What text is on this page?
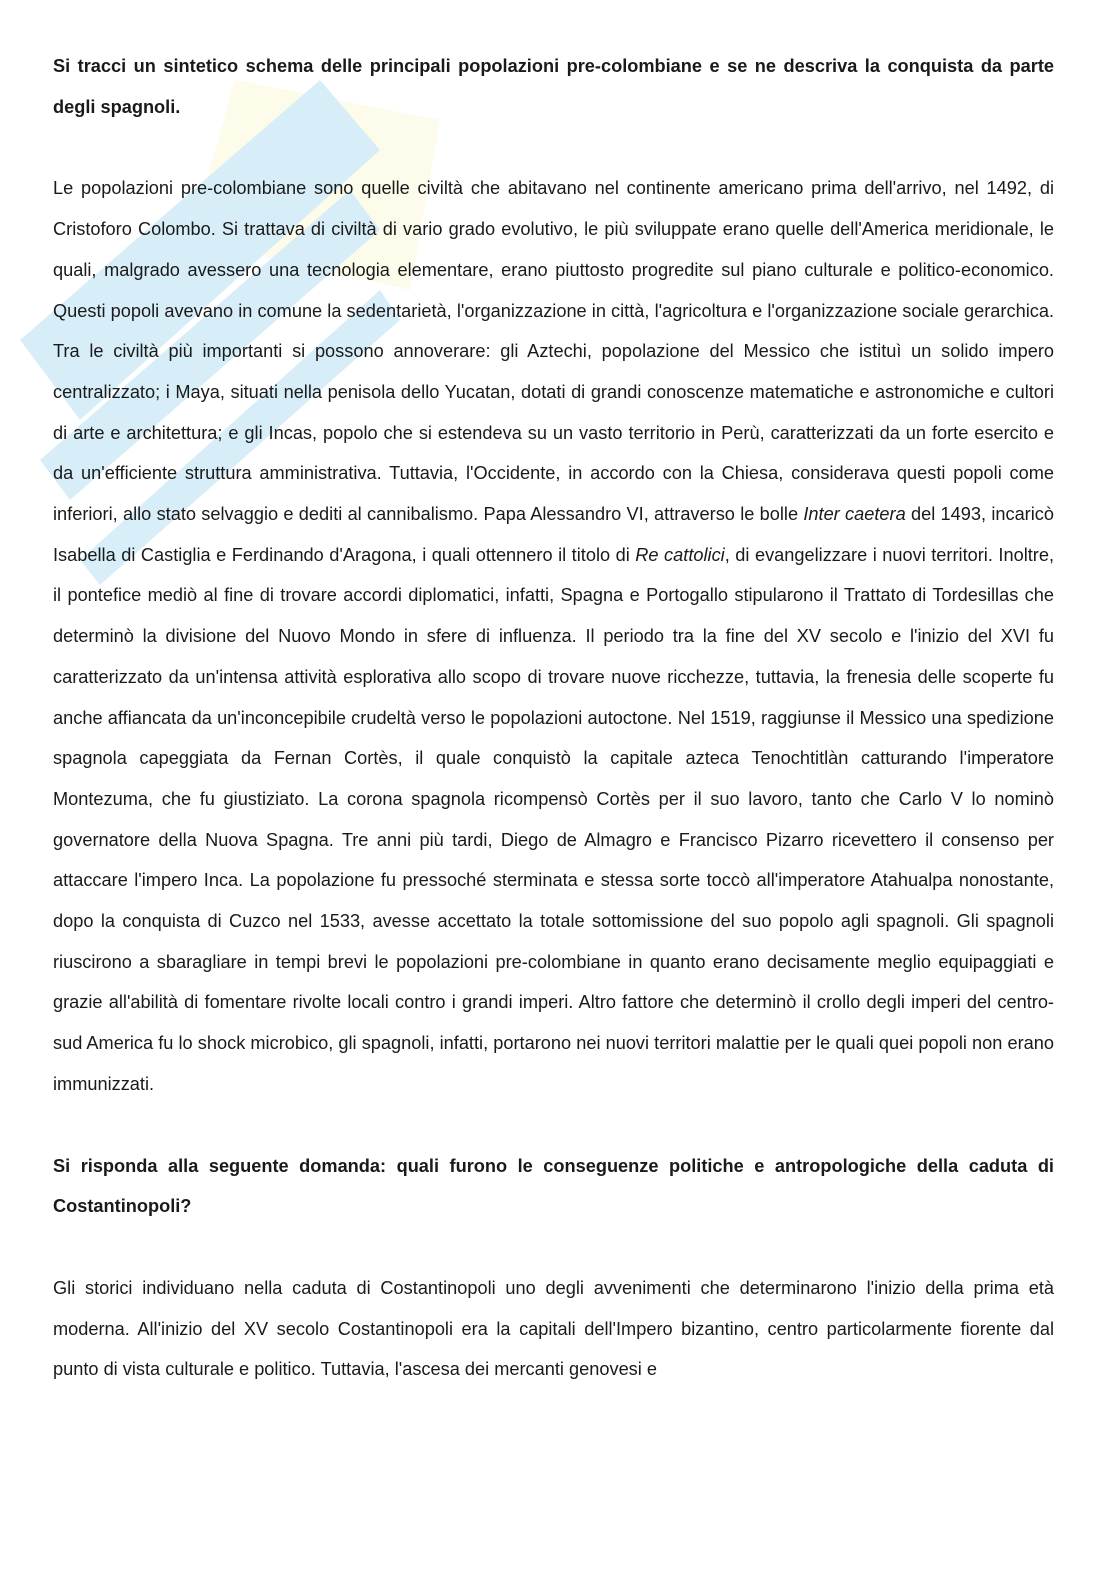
Si tracci un sintetico schema delle principali popolazioni pre-colombiane e se ne descriva la conquista da parte degli spagnoli.

Le popolazioni pre-colombiane sono quelle civiltà che abitavano nel continente americano prima dell'arrivo, nel 1492, di Cristoforo Colombo. Si trattava di civiltà di vario grado evolutivo, le più sviluppate erano quelle dell'America meridionale, le quali, malgrado avessero una tecnologia elementare, erano piuttosto progredite sul piano culturale e politico-economico. Questi popoli avevano in comune la sedentarietà, l'organizzazione in città, l'agricoltura e l'organizzazione sociale gerarchica. Tra le civiltà più importanti si possono annoverare: gli Aztechi, popolazione del Messico che istituì un solido impero centralizzato; i Maya, situati nella penisola dello Yucatan, dotati di grandi conoscenze matematiche e astronomiche e cultori di arte e architettura; e gli Incas, popolo che si estendeva su un vasto territorio in Perù, caratterizzati da un forte esercito e da un'efficiente struttura amministrativa. Tuttavia, l'Occidente, in accordo con la Chiesa, considerava questi popoli come inferiori, allo stato selvaggio e dediti al cannibalismo. Papa Alessandro VI, attraverso le bolle Inter caetera del 1493, incaricò Isabella di Castiglia e Ferdinando d'Aragona, i quali ottennero il titolo di Re cattolici, di evangelizzare i nuovi territori. Inoltre, il pontefice mediò al fine di trovare accordi diplomatici, infatti, Spagna e Portogallo stipularono il Trattato di Tordesillas che determinò la divisione del Nuovo Mondo in sfere di influenza. Il periodo tra la fine del XV secolo e l'inizio del XVI fu caratterizzato da un'intensa attività esplorativa allo scopo di trovare nuove ricchezze, tuttavia, la frenesia delle scoperte fu anche affiancata da un'inconcepibile crudeltà verso le popolazioni autoctone. Nel 1519, raggiunse il Messico una spedizione spagnola capeggiata da Fernan Cortès, il quale conquistò la capitale azteca Tenochtitlàn catturando l'imperatore Montezuma, che fu giustiziato. La corona spagnola ricompensò Cortès per il suo lavoro, tanto che Carlo V lo nominò governatore della Nuova Spagna. Tre anni più tardi, Diego de Almagro e Francisco Pizarro ricevettero il consenso per attaccare l'impero Inca. La popolazione fu pressoché sterminata e stessa sorte toccò all'imperatore Atahualpa nonostante, dopo la conquista di Cuzco nel 1533, avesse accettato la totale sottomissione del suo popolo agli spagnoli. Gli spagnoli riuscirono a sbaragliare in tempi brevi le popolazioni pre-colombiane in quanto erano decisamente meglio equipaggiati e grazie all'abilità di fomentare rivolte locali contro i grandi imperi. Altro fattore che determinò il crollo degli imperi del centro-sud America fu lo shock microbico, gli spagnoli, infatti, portarono nei nuovi territori malattie per le quali quei popoli non erano immunizzati.

Si risponda alla seguente domanda: quali furono le conseguenze politiche e antropologiche della caduta di Costantinopoli?

Gli storici individuano nella caduta di Costantinopoli uno degli avvenimenti che determinarono l'inizio della prima età moderna. All'inizio del XV secolo Costantinopoli era la capitali dell'Impero bizantino, centro particolarmente fiorente dal punto di vista culturale e politico. Tuttavia, l'ascesa dei mercanti genovesi e
